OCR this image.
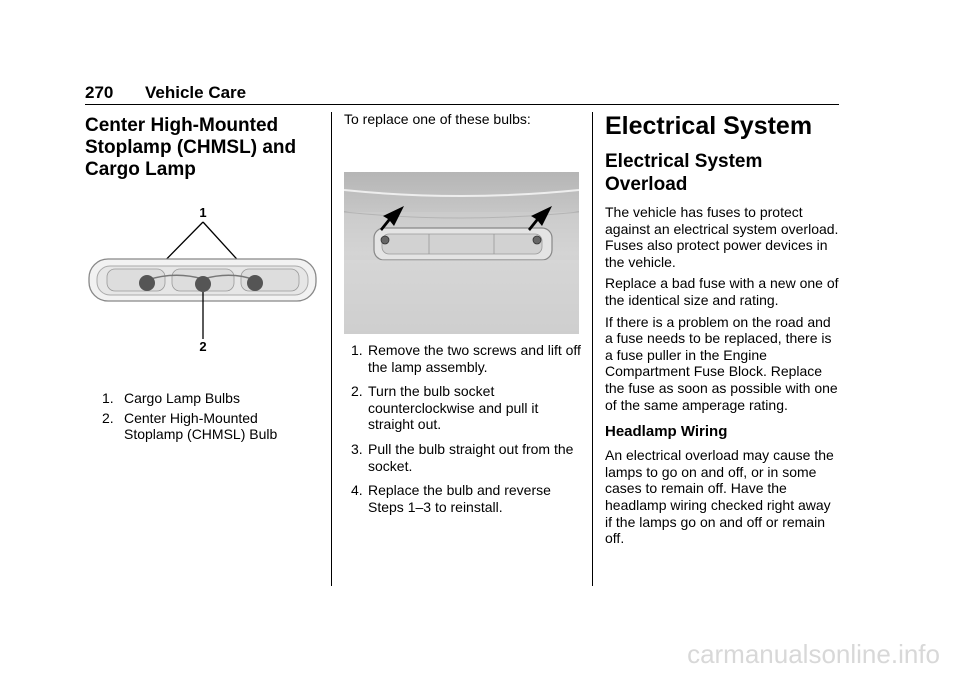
270 Vehicle Care
Center High-Mounted Stoplamp (CHMSL) and Cargo Lamp
1
2
1. Cargo Lamp Bulbs
2. Center High-Mounted Stoplamp (CHMSL) Bulb

To replace one of these bulbs:

1. Remove the two screws and lift off the lamp assembly.
2. Turn the bulb socket counterclockwise and pull it straight out.
3. Pull the bulb straight out from the socket.
4. Replace the bulb and reverse Steps 1–3 to reinstall.
Electrical System
Electrical System Overload

The vehicle has fuses to protect against an electrical system overload. Fuses also protect power devices in the vehicle.

Replace a bad fuse with a new one of the identical size and rating.

If there is a problem on the road and a fuse needs to be replaced, there is a fuse puller in the Engine Compartment Fuse Block. Replace the fuse as soon as possible with one of the same amperage rating.

Headlamp Wiring

An electrical overload may cause the lamps to go on and off, or in some cases to remain off. Have the headlamp wiring checked right away if the lamps go on and off or remain off.

carmanualsonline.info
